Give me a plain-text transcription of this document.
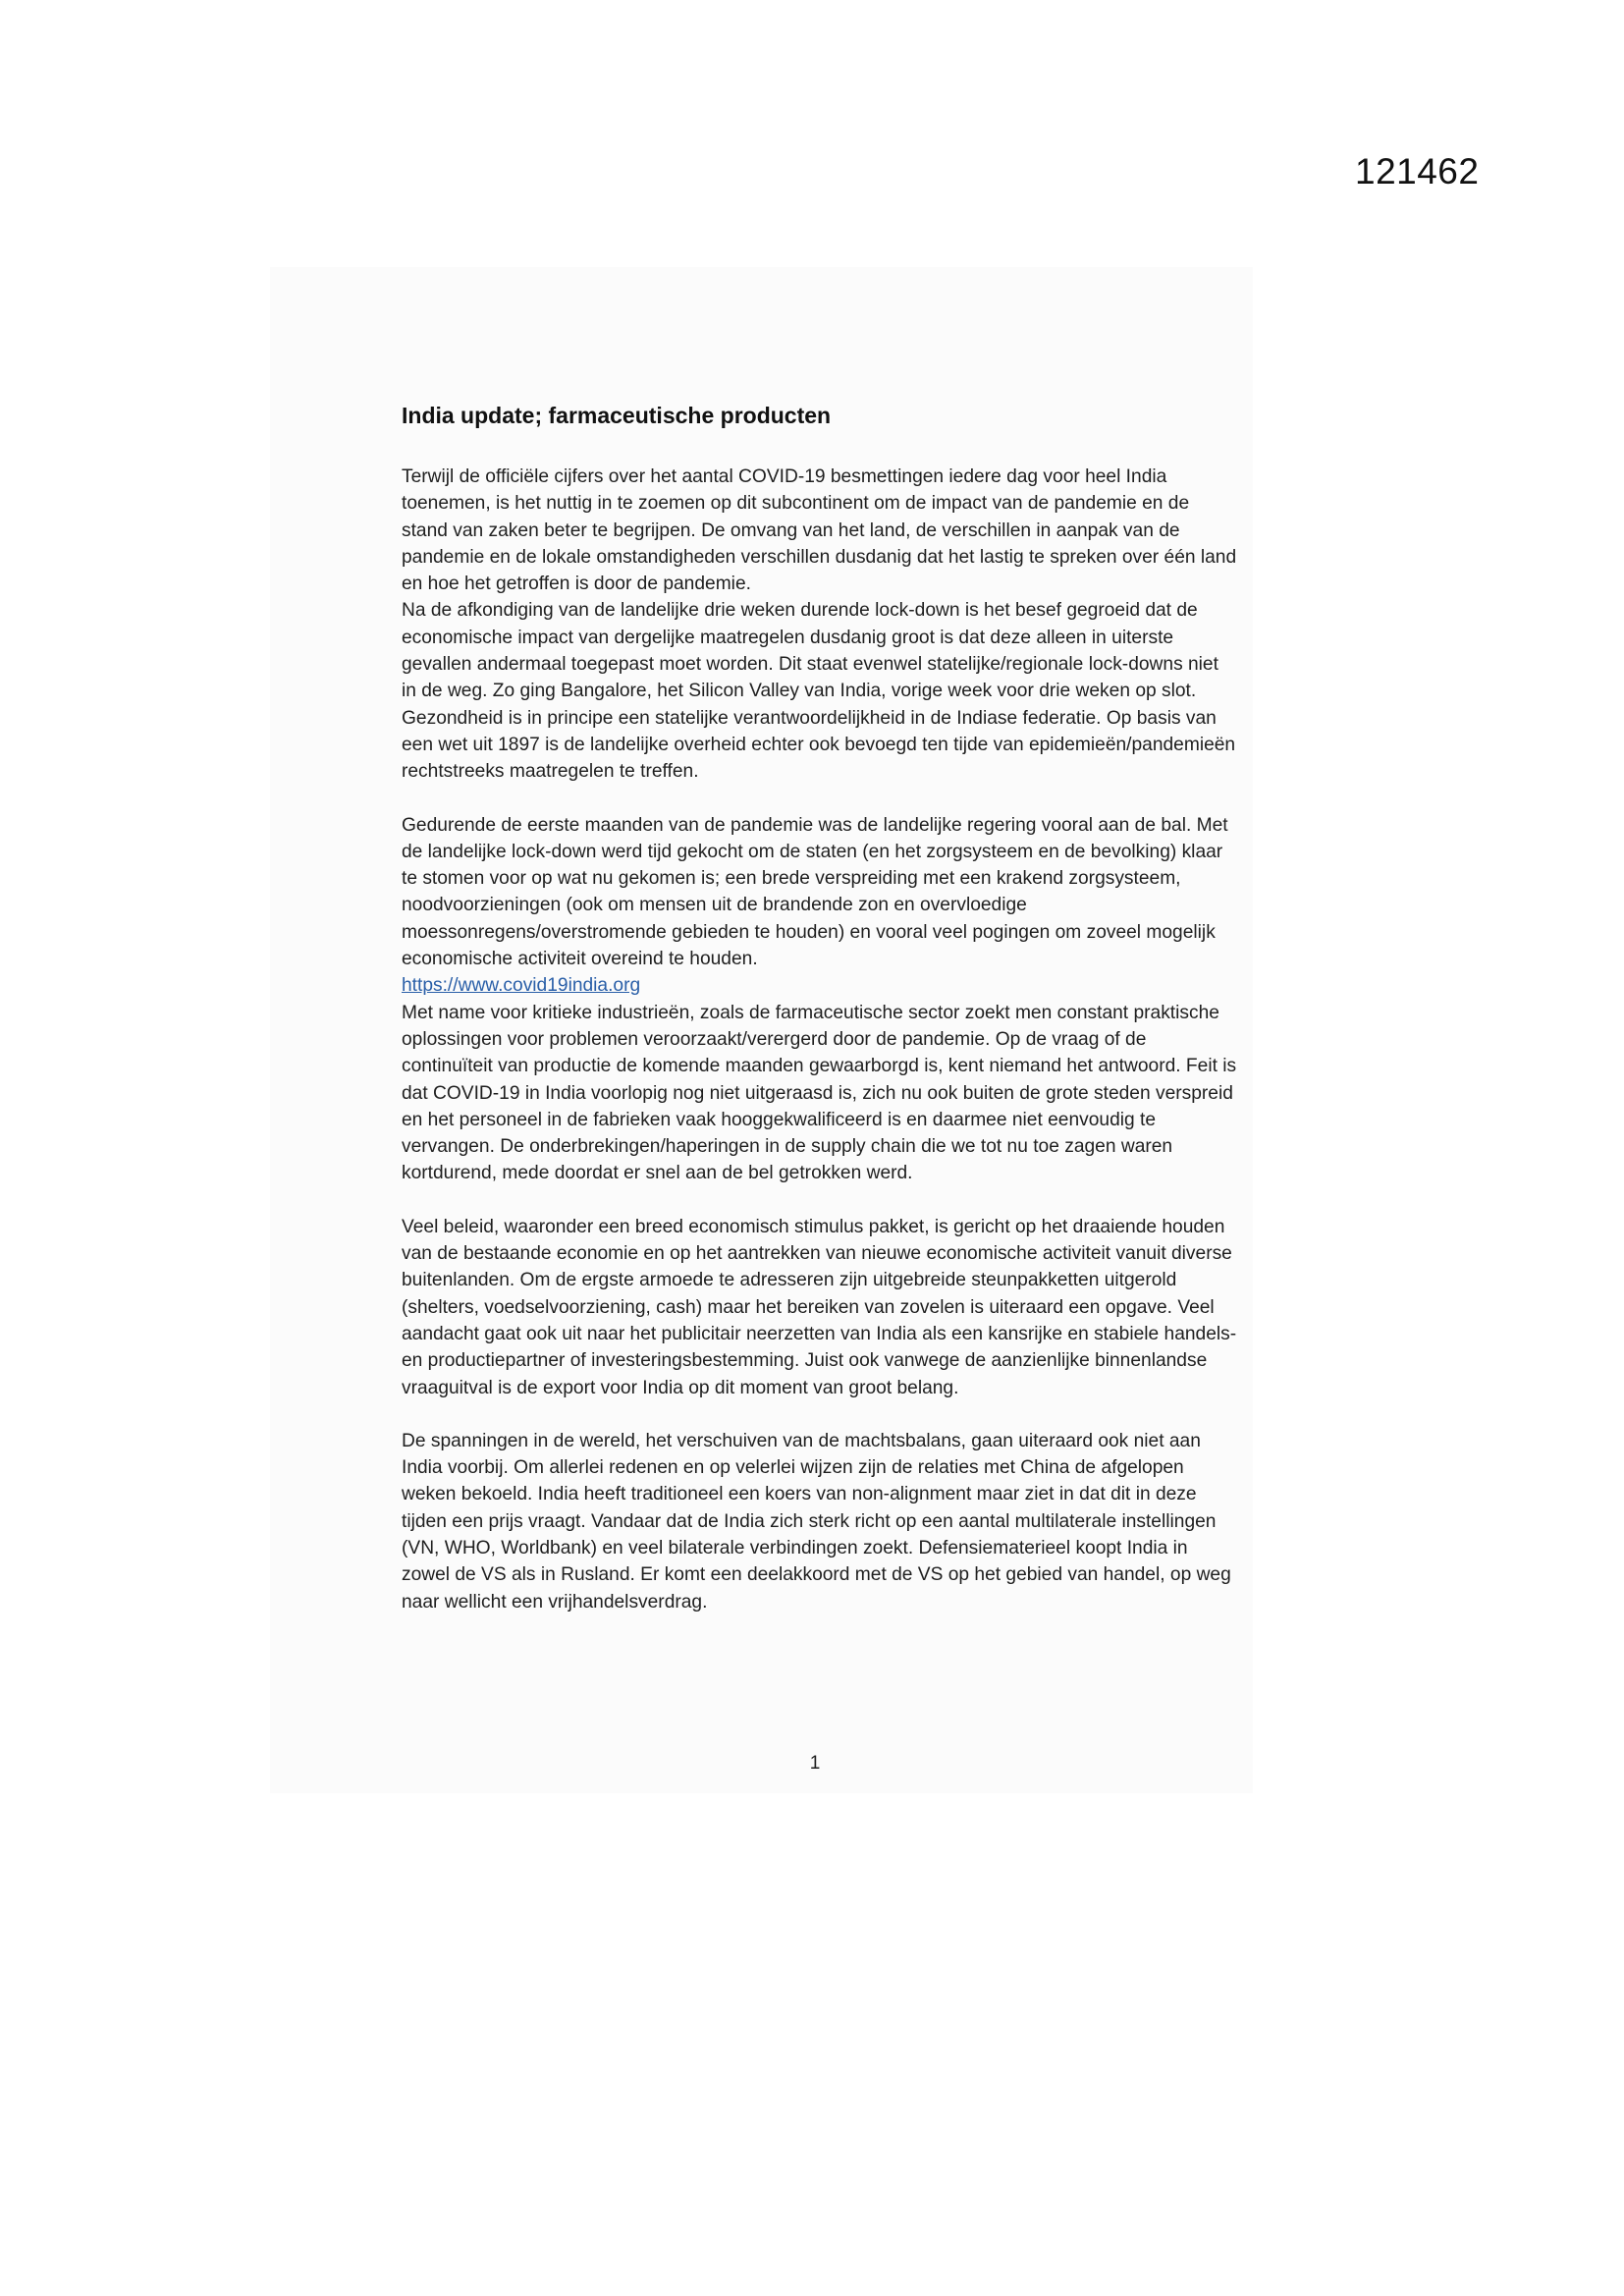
121462
India update; farmaceutische producten

Terwijl de officiële cijfers over het aantal COVID-19 besmettingen iedere dag voor heel India toenemen, is het nuttig in te zoemen op dit subcontinent om de impact van de pandemie en de stand van zaken beter te begrijpen. De omvang van het land, de verschillen in aanpak van de pandemie en de lokale omstandigheden verschillen dusdanig dat het lastig te spreken over één land en hoe het getroffen is door de pandemie.

Na de afkondiging van de landelijke drie weken durende lock-down is het besef gegroeid dat de economische impact van dergelijke maatregelen dusdanig groot is dat deze alleen in uiterste gevallen andermaal toegepast moet worden. Dit staat evenwel statelijke/regionale lock-downs niet in de weg. Zo ging Bangalore, het Silicon Valley van India, vorige week voor drie weken op slot. Gezondheid is in principe een statelijke verantwoordelijkheid in de Indiase federatie. Op basis van een wet uit 1897 is de landelijke overheid echter ook bevoegd ten tijde van epidemieën/pandemieën rechtstreeks maatregelen te treffen.

Gedurende de eerste maanden van de pandemie was de landelijke regering vooral aan de bal. Met de landelijke lock-down werd tijd gekocht om de staten (en het zorgsysteem en de bevolking) klaar te stomen voor op wat nu gekomen is; een brede verspreiding met een krakend zorgsysteem, noodvoorzieningen (ook om mensen uit de brandende zon en overvloedige moessonregens/overstromende gebieden te houden) en vooral veel pogingen om zoveel mogelijk economische activiteit overeind te houden.

https://www.covid19india.org

Met name voor kritieke industrieën, zoals de farmaceutische sector zoekt men constant praktische oplossingen voor problemen veroorzaakt/verergerd door de pandemie. Op de vraag of de continuïteit van productie de komende maanden gewaarborgd is, kent niemand het antwoord. Feit is dat COVID-19 in India voorlopig nog niet uitgeraasd is, zich nu ook buiten de grote steden verspreid en het personeel in de fabrieken vaak hooggekwalificeerd is en daarmee niet eenvoudig te vervangen. De onderbrekingen/haperingen in de supply chain die we tot nu toe zagen waren kortdurend, mede doordat er snel aan de bel getrokken werd.

Veel beleid, waaronder een breed economisch stimulus pakket, is gericht op het draaiende houden van de bestaande economie en op het aantrekken van nieuwe economische activiteit vanuit diverse buitenlanden. Om de ergste armoede te adresseren zijn uitgebreide steunpakketten uitgerold (shelters, voedselvoorziening, cash) maar het bereiken van zovelen is uiteraard een opgave. Veel aandacht gaat ook uit naar het publicitair neerzetten van India als een kansrijke en stabiele handels- en productiepartner of investeringsbestemming. Juist ook vanwege de aanzienlijke binnenlandse vraaguitval is de export voor India op dit moment van groot belang.

De spanningen in de wereld, het verschuiven van de machtsbalans, gaan uiteraard ook niet aan India voorbij. Om allerlei redenen en op velerlei wijzen zijn de relaties met China de afgelopen weken bekoeld. India heeft traditioneel een koers van non-alignment maar ziet in dat dit in deze tijden een prijs vraagt. Vandaar dat de India zich sterk richt op een aantal multilaterale instellingen (VN, WHO, Worldbank) en veel bilaterale verbindingen zoekt. Defensiematerieel koopt India in zowel de VS als in Rusland. Er komt een deelakkoord met de VS op het gebied van handel, op weg naar wellicht een vrijhandelsverdrag.

1
